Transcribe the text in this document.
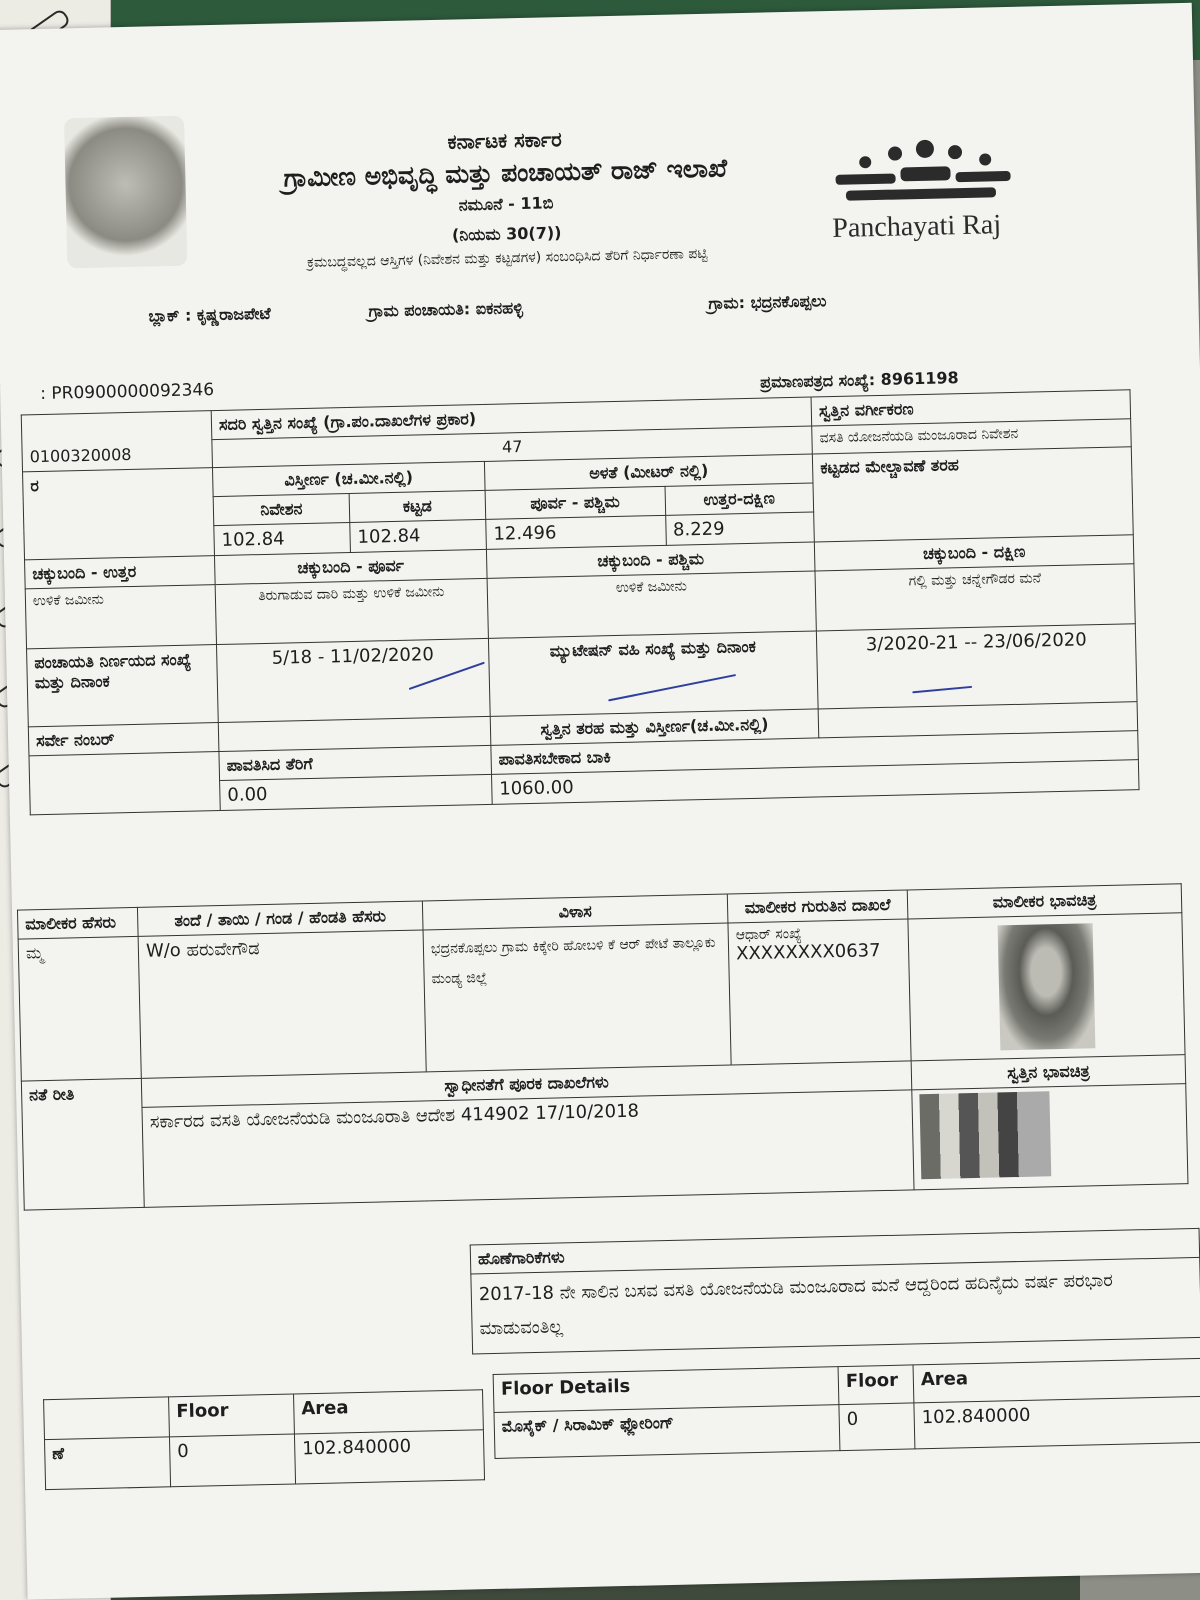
ಕರ್ನಾಟಕ ಸರ್ಕಾರ

ಗ್ರಾಮೀಣ ಅಭಿವೃದ್ಧಿ ಮತ್ತು ಪಂಚಾಯತ್ ರಾಜ್ ಇಲಾಖೆ

ನಮೂನೆ - 11ಬಿ

(ನಿಯಮ 30(7))

ಕ್ರಮಬದ್ಧವಲ್ಲದ ಆಸ್ತಿಗಳ (ನಿವೇಶನ ಮತ್ತು ಕಟ್ಟಡಗಳ) ಸಂಬಂಧಿಸಿದ ತೆರಿಗೆ ನಿರ್ಧಾರಣಾ ಪಟ್ಟಿ

Panchayati Raj
ಬ್ಲಾಕ್ : ಕೃಷ್ಣರಾಜಪೇಟೆ	ಗ್ರಾಮ ಪಂಚಾಯತಿ: ಐಕನಹಳ್ಳಿ	ಗ್ರಾಮ: ಭದ್ರನಕೊಪ್ಪಲು
: PR0900000092346
ಪ್ರಮಾಣಪತ್ರದ ಸಂಖ್ಯೆ: 8961198
0100320008	ಸದರಿ ಸ್ವತ್ತಿನ ಸಂಖ್ಯೆ (ಗ್ರಾ.ಪಂ.ದಾಖಲೆಗಳ ಪ್ರಕಾರ)				ಸ್ವತ್ತಿನ ವರ್ಗೀಕರಣ
	47				ವಸತಿ ಯೋಜನೆಯಡಿ ಮಂಜೂರಾದ ನಿವೇಶನ
ರ	ವಿಸ್ತೀರ್ಣ (ಚ.ಮೀ.ನಲ್ಲಿ)		ಅಳತೆ (ಮೀಟರ್ ನಲ್ಲಿ)		ಕಟ್ಟಡದ ಮೇಲ್ಚಾವಣೆ ತರಹ
	ನಿವೇಶನ	ಕಟ್ಟಡ	ಪೂರ್ವ - ಪಶ್ಚಿಮ	ಉತ್ತರ-ದಕ್ಷಿಣ	
	102.84	102.84	12.496	8.229	
ಚಕ್ಕುಬಂದಿ - ಉತ್ತರ	ಚಕ್ಕುಬಂದಿ - ಪೂರ್ವ		ಚಕ್ಕುಬಂದಿ - ಪಶ್ಚಿಮ		ಚಕ್ಕುಬಂದಿ - ದಕ್ಷಿಣ
ಉಳಿಕೆ ಜಮೀನು	ತಿರುಗಾಡುವ ದಾರಿ ಮತ್ತು ಉಳಿಕೆ ಜಮೀನು		ಉಳಿಕೆ ಜಮೀನು		ಗಲ್ಲಿ ಮತ್ತು ಚನ್ನೇಗೌಡರ ಮನೆ
ಪಂಚಾಯತಿ ನಿರ್ಣಯದ ಸಂಖ್ಯೆ ಮತ್ತು ದಿನಾಂಕ	5/18 - 11/02/2020		ಮ್ಯುಟೇಷನ್ ವಹಿ ಸಂಖ್ಯೆ ಮತ್ತು ದಿನಾಂಕ		3/2020-21 -- 23/06/2020
ಸರ್ವೇ ನಂಬರ್			ಸ್ವತ್ತಿನ ತರಹ ಮತ್ತು ವಿಸ್ತೀರ್ಣ(ಚ.ಮೀ.ನಲ್ಲಿ)		
	ಪಾವತಿಸಿದ ತೆರಿಗೆ		ಪಾವತಿಸಬೇಕಾದ ಬಾಕಿ		
	0.00		1060.00		
ಮಾಲೀಕರ ಹೆಸರು	ತಂದೆ / ತಾಯಿ / ಗಂಡ / ಹೆಂಡತಿ ಹೆಸರು	ವಿಳಾಸ	ಮಾಲೀಕರ ಗುರುತಿನ ದಾಖಲೆ	ಮಾಲೀಕರ ಭಾವಚಿತ್ರ
ಮ್ಮ	W/o ಹರುವೇಗೌಡ	ಭದ್ರನಕೊಪ್ಪಲು ಗ್ರಾಮ ಕಿಕ್ಕೇರಿ ಹೋಬಳಿ ಕೆ ಆರ್ ಪೇಟೆ ತಾಲ್ಲೂಕು ಮಂಡ್ಯ ಜಿಲ್ಲೆ	ಆಧಾರ್ ಸಂಖ್ಯೆ
XXXXXXXX0637	

ನತೆ ರೀತಿ	ಸ್ವಾಧೀನತೆಗೆ ಪೂರಕ ದಾಖಲೆಗಳು			ಸ್ವತ್ತಿನ ಭಾವಚಿತ್ರ
	ಸರ್ಕಾರದ ವಸತಿ ಯೋಜನೆಯಡಿ ಮಂಜೂರಾತಿ ಆದೇಶ 414902 17/10/2018			
ಹೊಣೆಗಾರಿಕೆಗಳು
2017-18 ನೇ ಸಾಲಿನ ಬಸವ ವಸತಿ ಯೋಜನೆಯಡಿ ಮಂಜೂರಾದ ಮನೆ ಆದ್ದರಿಂದ ಹದಿನೈದು ವರ್ಷ ಪರಭಾರ ಮಾಡುವಂತಿಲ್ಲ
	Floor	Area
ಣೆ	0	102.840000
Floor Details	Floor	Area
ಮೊಸೈಕ್ / ಸಿರಾಮಿಕ್ ಫ್ಲೋರಿಂಗ್	0	102.840000
